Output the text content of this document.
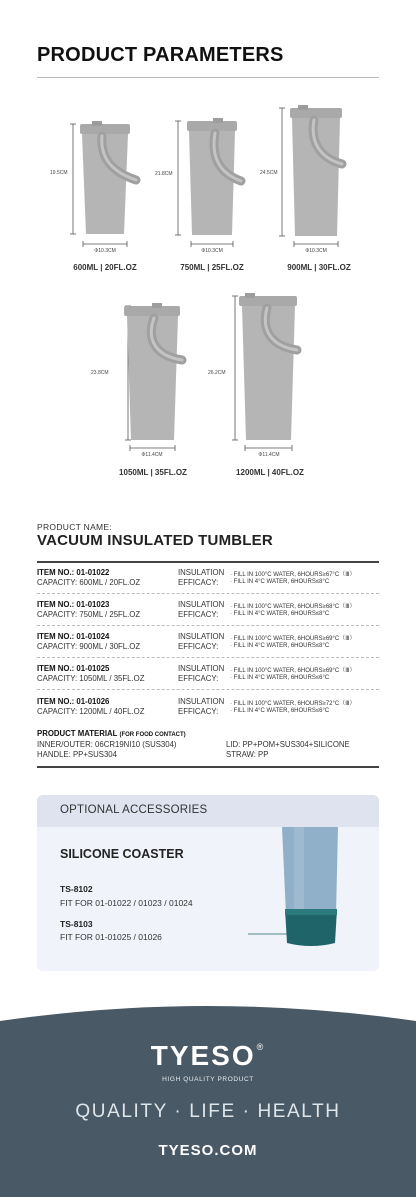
PRODUCT PARAMETERS
19.5CM
Φ10.3CM
600ML | 20FL.OZ
21.8CM
Φ10.3CM
750ML | 25FL.OZ
24.5CM
Φ10.3CM
900ML | 30FL.OZ
23.8CM
Φ11.4CM
1050ML | 35FL.OZ
26.2CM
Φ11.4CM
1200ML | 40FL.OZ
PRODUCT NAME:
VACUUM INSULATED TUMBLER
ITEM NO.: 01-01022	INSULATION · FILL IN 100°C WATER, 6HOURS≥67°C（Ⅲ）
CAPACITY: 600ML / 20FL.OZ	EFFICACY: · FILL IN 4°C WATER, 6HOURS≤8°C
ITEM NO.: 01-01023	INSULATION · FILL IN 100°C WATER, 6HOURS≥68°C（Ⅲ）
CAPACITY: 750ML / 25FL.OZ	EFFICACY: · FILL IN 4°C WATER, 6HOURS≤8°C
ITEM NO.: 01-01024	INSULATION · FILL IN 100°C WATER, 6HOURS≥69°C（Ⅲ）
CAPACITY: 900ML / 30FL.OZ	EFFICACY: · FILL IN 4°C WATER, 6HOURS≤8°C
ITEM NO.: 01-01025	INSULATION · FILL IN 100°C WATER, 6HOURS≥69°C（Ⅲ）
CAPACITY: 1050ML / 35FL.OZ	EFFICACY: · FILL IN 4°C WATER, 6HOURS≤6°C
ITEM NO.: 01-01026	INSULATION · FILL IN 100°C WATER, 6HOURS≥72°C（Ⅲ）
CAPACITY: 1200ML / 40FL.OZ	EFFICACY: · FILL IN 4°C WATER, 6HOURS≤6°C
PRODUCT MATERIAL (FOR FOOD CONTACT)
INNER/OUTER: 06CR19NI10 (SUS304)
HANDLE: PP+SUS304
LID: PP+POM+SUS304+SILICONE
STRAW: PP
OPTIONAL ACCESSORIES
SILICONE COASTER
TS-8102
FIT FOR 01-01022 / 01023 / 01024
TS-8103
FIT FOR 01-01025 / 01026
TYESO®
HIGH QUALITY PRODUCT
QUALITY · LIFE · HEALTH
TYESO.COM
